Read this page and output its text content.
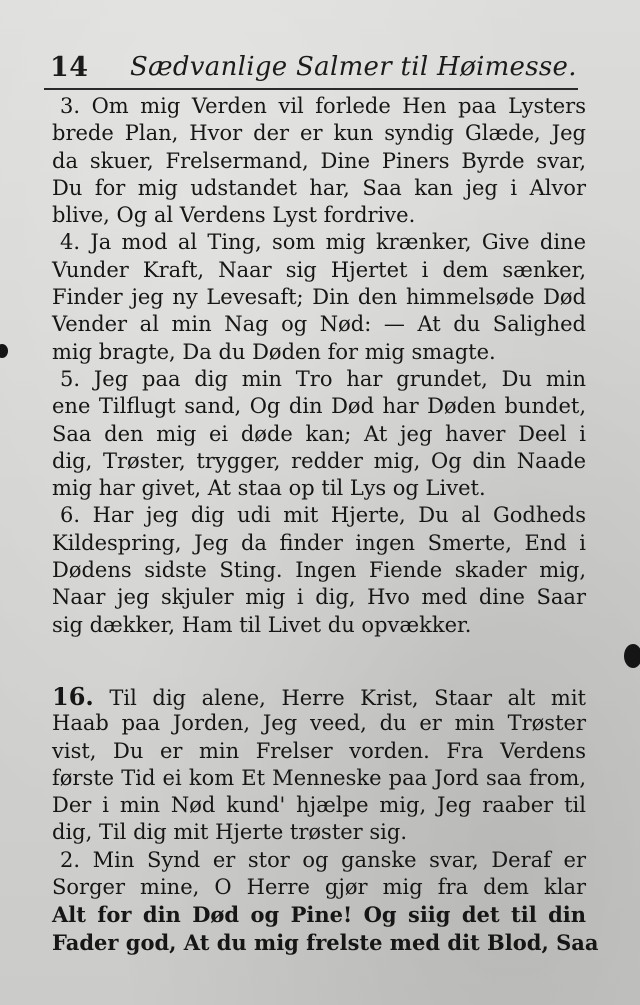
14 Sædvanlige Salmer til Høimesse.
3. Om mig Verden vil forlede Hen paa Lysters
brede Plan, Hvor der er kun syndig Glæde, Jeg
da skuer, Frelsermand, Dine Piners Byrde svar,
Du for mig udstandet har, Saa kan jeg i Alvor
blive, Og al Verdens Lyst fordrive.
4. Ja mod al Ting, som mig krænker, Give dine
Vunder Kraft, Naar sig Hjertet i dem sænker,
Finder jeg ny Levesaft; Din den himmelsøde Død
Vender al min Nag og Nød: — At du Salighed
mig bragte, Da du Døden for mig smagte.
5. Jeg paa dig min Tro har grundet, Du min
ene Tilflugt sand, Og din Død har Døden bundet,
Saa den mig ei døde kan; At jeg haver Deel i
dig, Trøster, trygger, redder mig, Og din Naade
mig har givet, At staa op til Lys og Livet.
6. Har jeg dig udi mit Hjerte, Du al Godheds
Kildespring, Jeg da finder ingen Smerte, End i
Dødens sidste Sting. Ingen Fiende skader mig,
Naar jeg skjuler mig i dig, Hvo med dine Saar
sig dækker, Ham til Livet du opvækker.
16. Til dig alene, Herre Krist, Staar alt mit
Haab paa Jorden, Jeg veed, du er min Trøster
vist, Du er min Frelser vorden. Fra Verdens
første Tid ei kom Et Menneske paa Jord saa from,
Der i min Nød kund' hjælpe mig, Jeg raaber til
dig, Til dig mit Hjerte trøster sig.
2. Min Synd er stor og ganske svar, Deraf er
Sorger mine, O Herre gjør mig fra dem klar
Alt for din Død og Pine! Og siig det til din
Fader god, At du mig frelste med dit Blod, Saa
